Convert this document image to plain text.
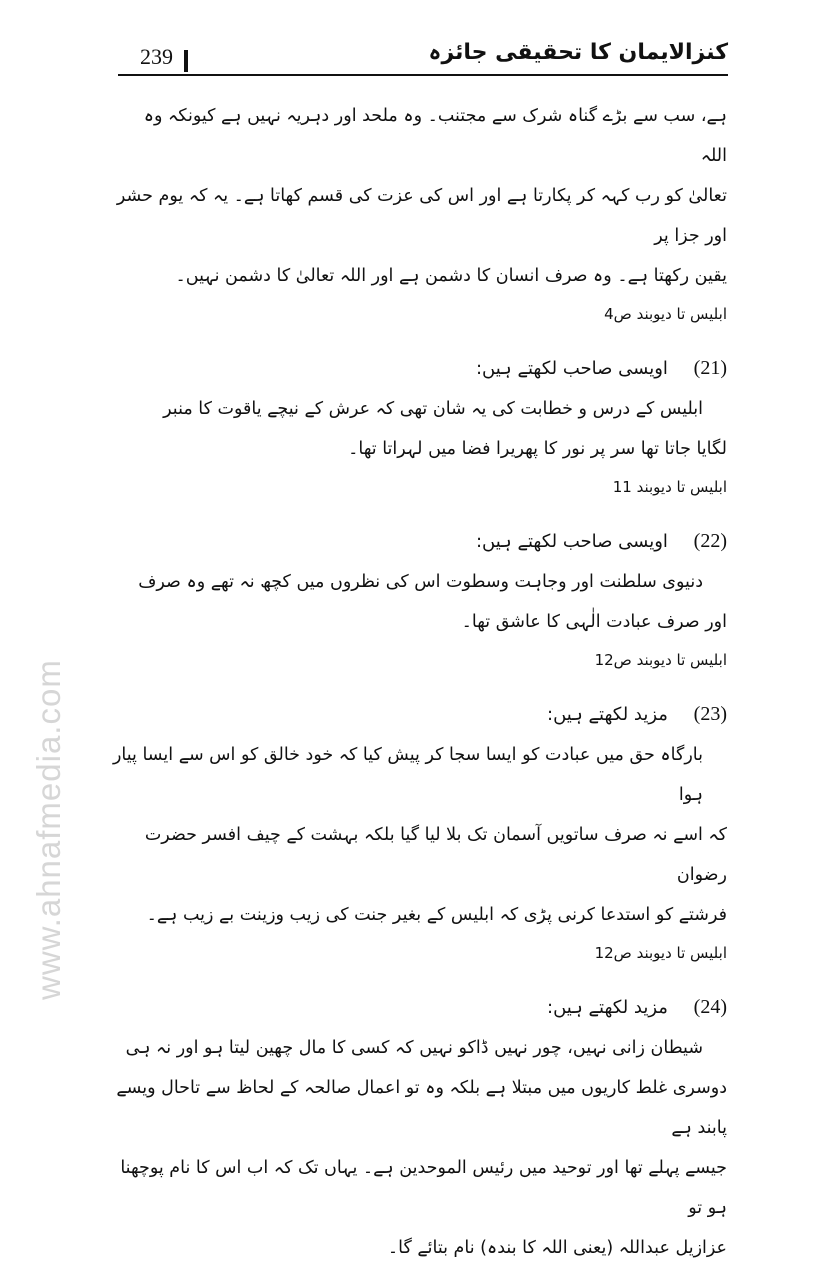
www.ahnafmedia.com
239	کنزالایمان کا تحقیقی جائزہ

ہے، سب سے بڑے گناہ شرک سے مجتنب۔ وہ ملحد اور دہریہ نہیں ہے کیونکہ وہ اللہ

تعالیٰ کو رب کہہ کر پکارتا ہے اور اس کی عزت کی قسم کھاتا ہے۔ یہ کہ یوم حشر اور جزا پر

یقین رکھتا ہے۔ وہ صرف انسان کا دشمن ہے اور اللہ تعالیٰ کا دشمن نہیں۔

ابلیس تا دیوبند ص4

(21) اویسی صاحب لکھتے ہیں:

ابلیس کے درس و خطابت کی یہ شان تھی کہ عرش کے نیچے یاقوت کا منبر

لگایا جاتا تھا سر پر نور کا پھریرا فضا میں لہراتا تھا۔

ابلیس تا دیوبند 11

(22) اویسی صاحب لکھتے ہیں:

دنیوی سلطنت اور وجاہت وسطوت اس کی نظروں میں کچھ نہ تھے وہ صرف

اور صرف عبادت الٰہی کا عاشق تھا۔

ابلیس تا دیوبند ص12

(23) مزید لکھتے ہیں:

بارگاہ حق میں عبادت کو ایسا سجا کر پیش کیا کہ خود خالق کو اس سے ایسا پیار ہوا

کہ اسے نہ صرف ساتویں آسمان تک بلا لیا گیا بلکہ بہشت کے چیف افسر حضرت رضوان

فرشتے کو استدعا کرنی پڑی کہ ابلیس کے بغیر جنت کی زیب وزینت بے زیب ہے۔

ابلیس تا دیوبند ص12

(24) مزید لکھتے ہیں:

شیطان زانی نہیں، چور نہیں ڈاکو نہیں کہ کسی کا مال چھین لیتا ہو اور نہ ہی

دوسری غلط کاریوں میں مبتلا ہے بلکہ وہ تو اعمال صالحہ کے لحاظ سے تاحال ویسے پابند ہے

جیسے پہلے تھا اور توحید میں رئیس الموحدین ہے۔ یہاں تک کہ اب اس کا نام پوچھنا ہو تو

عزازیل عبداللہ (یعنی اللہ کا بندہ) نام بتائے گا۔
